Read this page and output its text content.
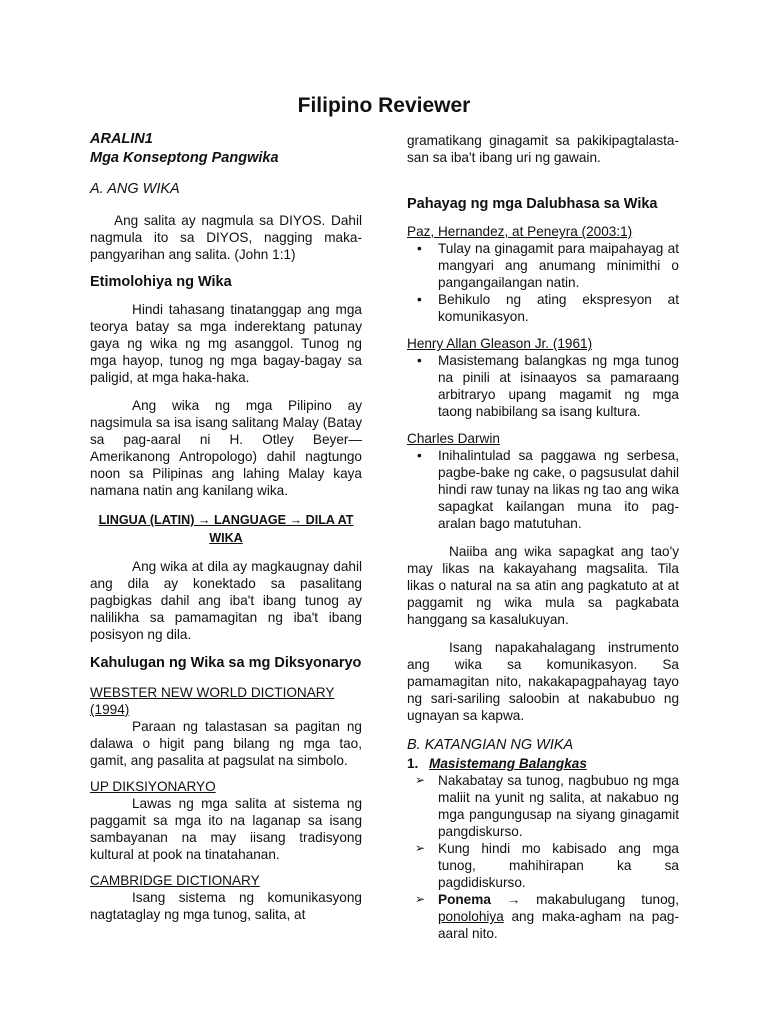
Filipino Reviewer

ARALIN1

Mga Konseptong Pangwika

A. ANG WIKA

Ang salita ay nagmula sa DIYOS. Dahil nagmula ito sa DIYOS, nagging maka-pangyarihan ang salita. (John 1:1)

Etimolohiya ng Wika

Hindi tahasang tinatanggap ang mga teorya batay sa mga inderektang patunay gaya ng wika ng mg asanggol. Tunog ng mga hayop, tunog ng mga bagay-bagay sa paligid, at mga haka-haka.

Ang wika ng mga Pilipino ay nagsimula sa isa isang salitang Malay (Batay sa pag-aaral ni H. Otley Beyer—Amerikanong Antropologo) dahil nagtungo noon sa Pilipinas ang lahing Malay kaya namana natin ang kanilang wika.

LINGUA (LATIN) → LANGUAGE → DILA AT WIKA

Ang wika at dila ay magkaugnay dahil ang dila ay konektado sa pasalitang pagbigkas dahil ang iba't ibang tunog ay nalilikha sa pamamagitan ng iba't ibang posisyon ng dila.

Kahulugan ng Wika sa mg Diksyonaryo

WEBSTER NEW WORLD DICTIONARY (1994)

Paraan ng talastasan sa pagitan ng dalawa o higit pang bilang ng mga tao, gamit, ang pasalita at pagsulat na simbolo.

UP DIKSIYONARYO

Lawas ng mga salita at sistema ng paggamit sa mga ito na laganap sa isang sambayanan na may iisang tradisyong kultural at pook na tinatahanan.

CAMBRIDGE DICTIONARY

Isang sistema ng komunikasyong nagtataglay ng mga tunog, salita, at

gramatikang ginagamit sa pakikipagtalasta-san sa iba't ibang uri ng gawain.

Pahayag ng mga Dalubhasa sa Wika

Paz, Hernandez, at Peneyra (2003:1)

• Tulay na ginagamit para maipahayag at mangyari ang anumang minimithi o pangangailangan natin.
• Behikulo ng ating ekspresyon at komunikasyon.

Henry Allan Gleason Jr. (1961)

• Masistemang balangkas ng mga tunog na pinili at isinaayos sa pamaraang arbitraryo upang magamit ng mga taong nabibilang sa isang kultura.

Charles Darwin

• Inihalintulad sa paggawa ng serbesa, pagbe-bake ng cake, o pagsusulat dahil hindi raw tunay na likas ng tao ang wika sapagkat kailangan muna ito pag-aralan bago matutuhan.

Naiiba ang wika sapagkat ang tao'y may likas na kakayahang magsalita. Tila likas o natural na sa atin ang pagkatuto at at paggamit ng wika mula sa pagkabata hanggang sa kasalukuyan.

Isang napakahalagang instrumento ang wika sa komunikasyon. Sa pamamagitan nito, nakakapagpahayag tayo ng sari-sariling saloobin at nakabubuo ng ugnayan sa kapwa.

B. KATANGIAN NG WIKA

1. Masistemang Balangkas

➢ Nakabatay sa tunog, nagbubuo ng mga maliit na yunit ng salita, at nakabuo ng mga pangungusap na siyang ginagamit pangdiskurso.
➢ Kung hindi mo kabisado ang mga tunog, mahihirapan ka sa pagdidiskurso.
➢ Ponema → makabulugang tunog, ponolohiya ang maka-agham na pag-aaral nito.
